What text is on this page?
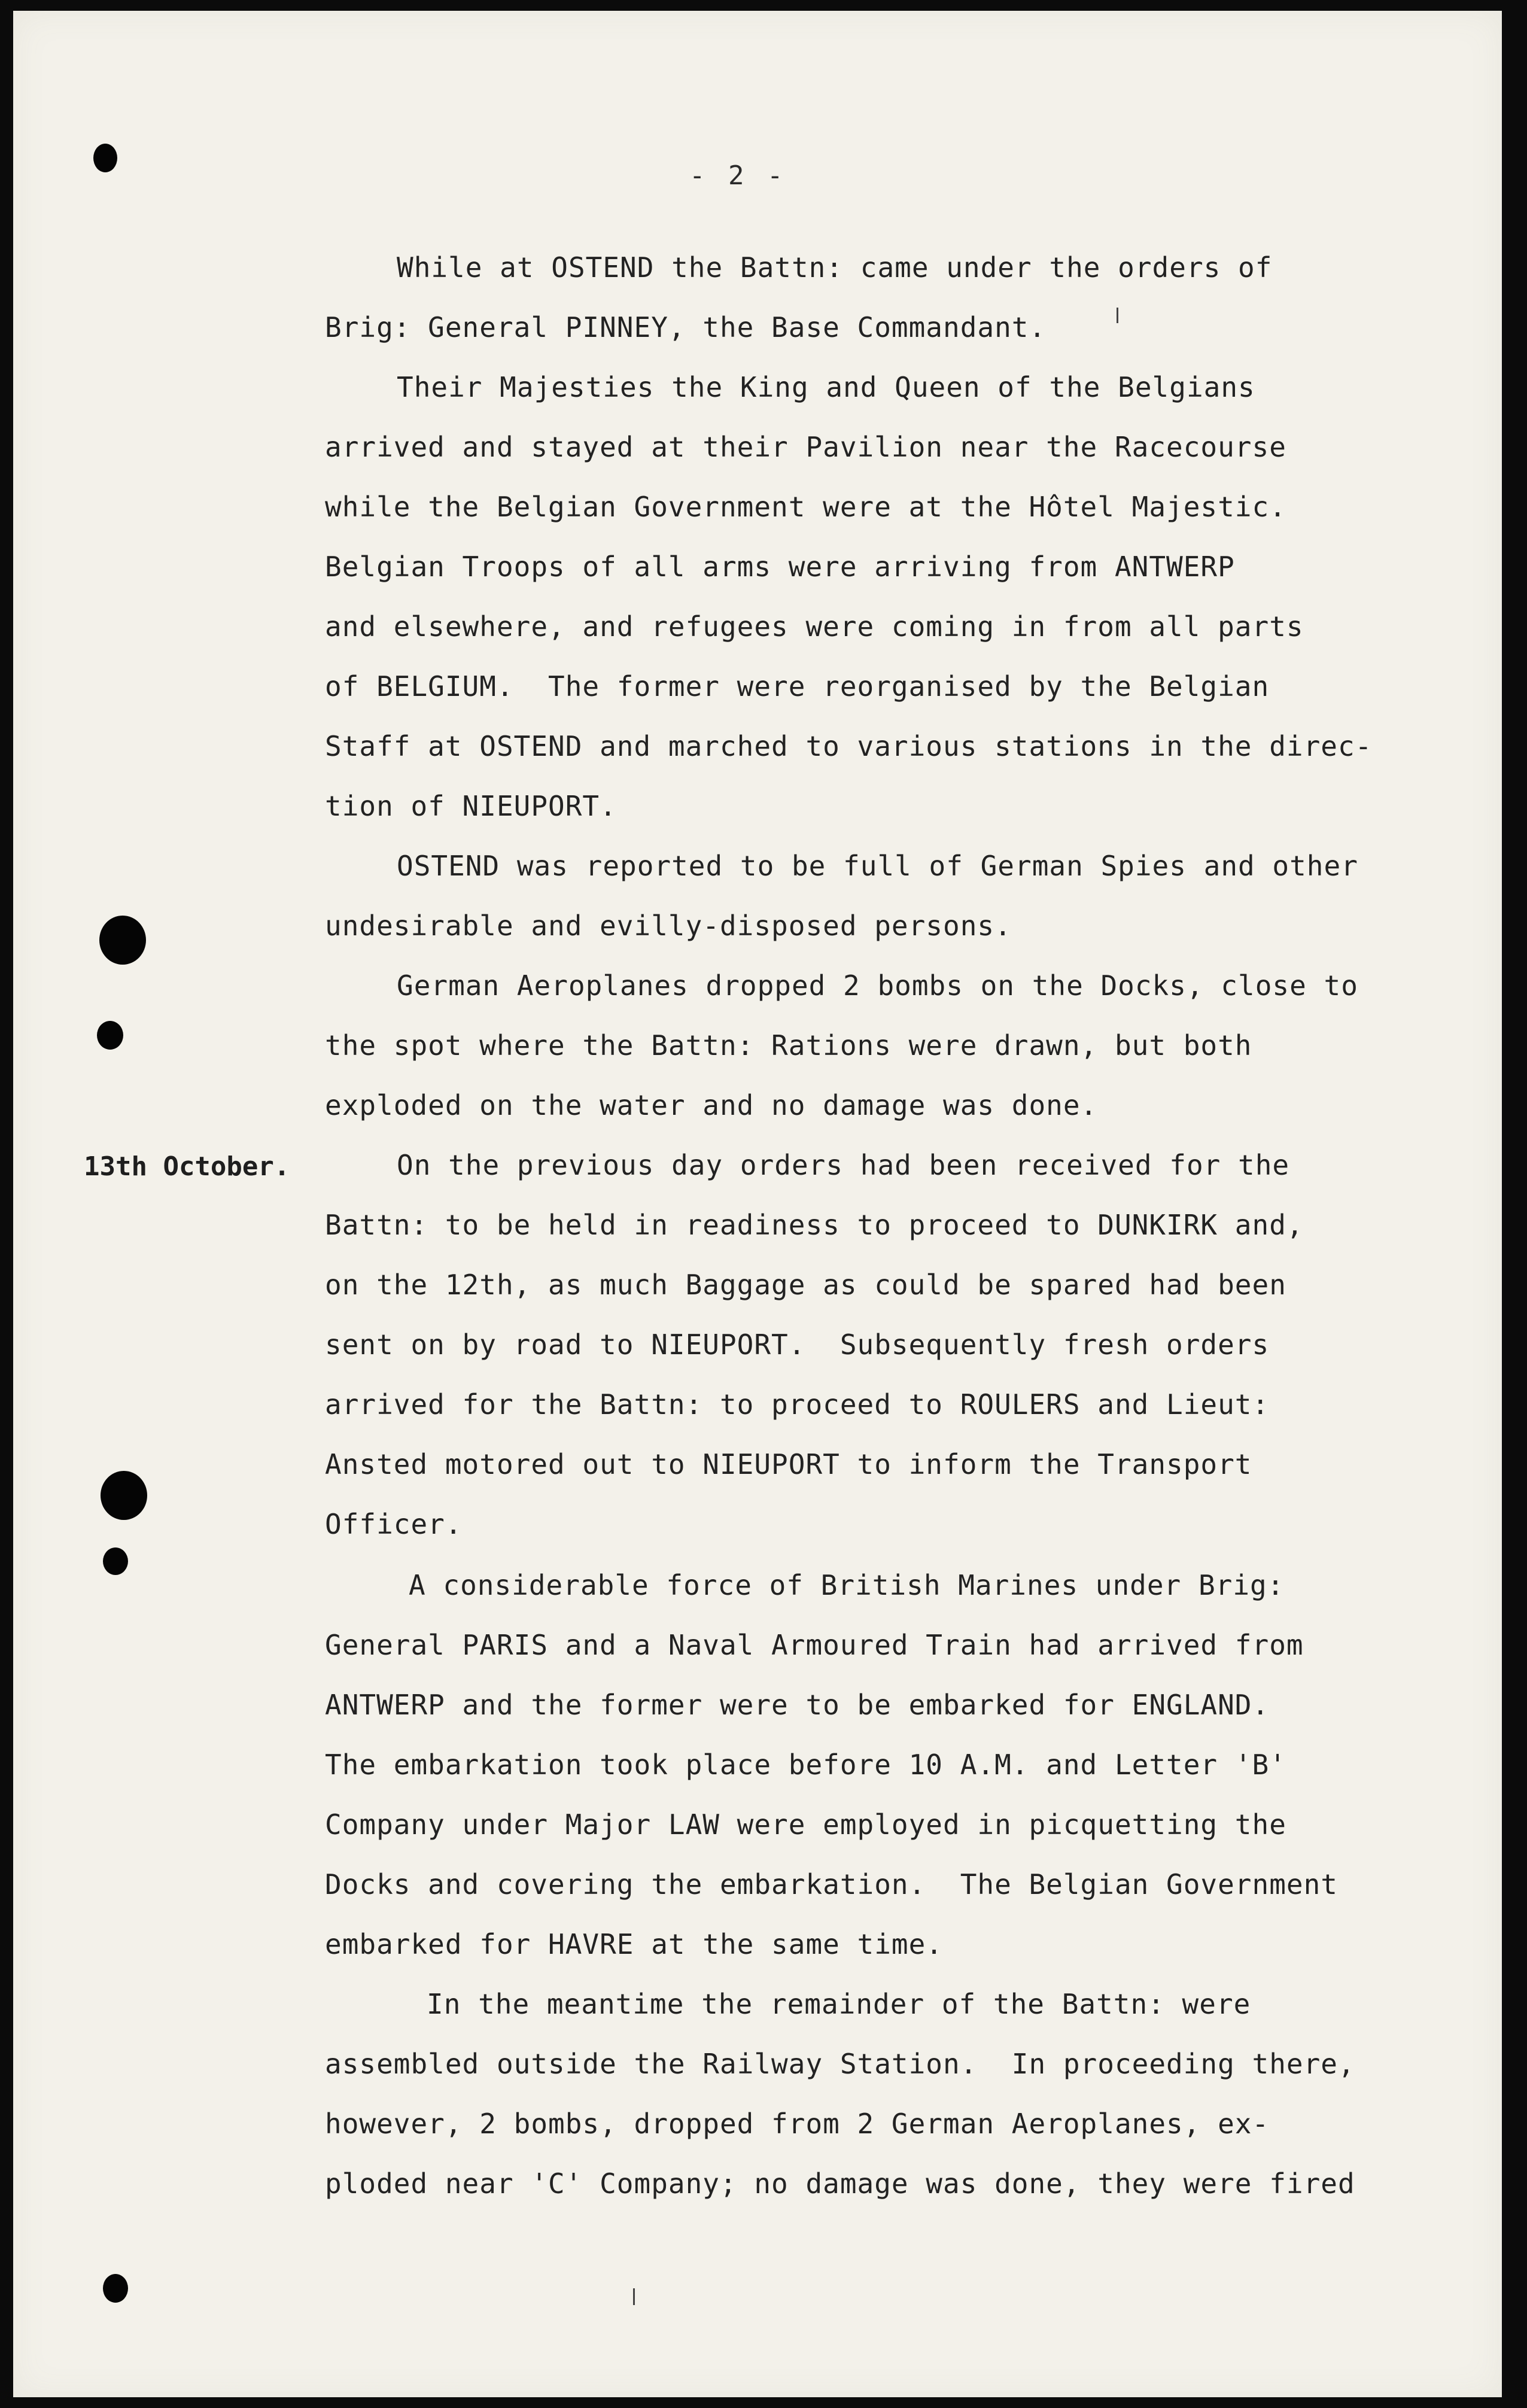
- 2 -
13th October.
While at OSTEND the Battn: came under the orders of
Brig: General PINNEY, the Base Commandant.
Their Majesties the King and Queen of the Belgians
arrived and stayed at their Pavilion near the Racecourse
while the Belgian Government were at the Hôtel Majestic.
Belgian Troops of all arms were arriving from ANTWERP
and elsewhere, and refugees were coming in from all parts
of BELGIUM.  The former were reorganised by the Belgian
Staff at OSTEND and marched to various stations in the direc-
tion of NIEUPORT.
OSTEND was reported to be full of German Spies and other
undesirable and evilly-disposed persons.
German Aeroplanes dropped 2 bombs on the Docks, close to
the spot where the Battn: Rations were drawn, but both
exploded on the water and no damage was done.
On the previous day orders had been received for the
Battn: to be held in readiness to proceed to DUNKIRK and,
on the 12th, as much Baggage as could be spared had been
sent on by road to NIEUPORT.  Subsequently fresh orders
arrived for the Battn: to proceed to ROULERS and Lieut:
Ansted motored out to NIEUPORT to inform the Transport
Officer.
A considerable force of British Marines under Brig:
General PARIS and a Naval Armoured Train had arrived from
ANTWERP and the former were to be embarked for ENGLAND.
The embarkation took place before 10 A.M. and Letter 'B'
Company under Major LAW were employed in picquetting the
Docks and covering the embarkation.  The Belgian Government
embarked for HAVRE at the same time.
In the meantime the remainder of the Battn: were
assembled outside the Railway Station.  In proceeding there,
however, 2 bombs, dropped from 2 German Aeroplanes, ex-
ploded near 'C' Company; no damage was done, they were fired
